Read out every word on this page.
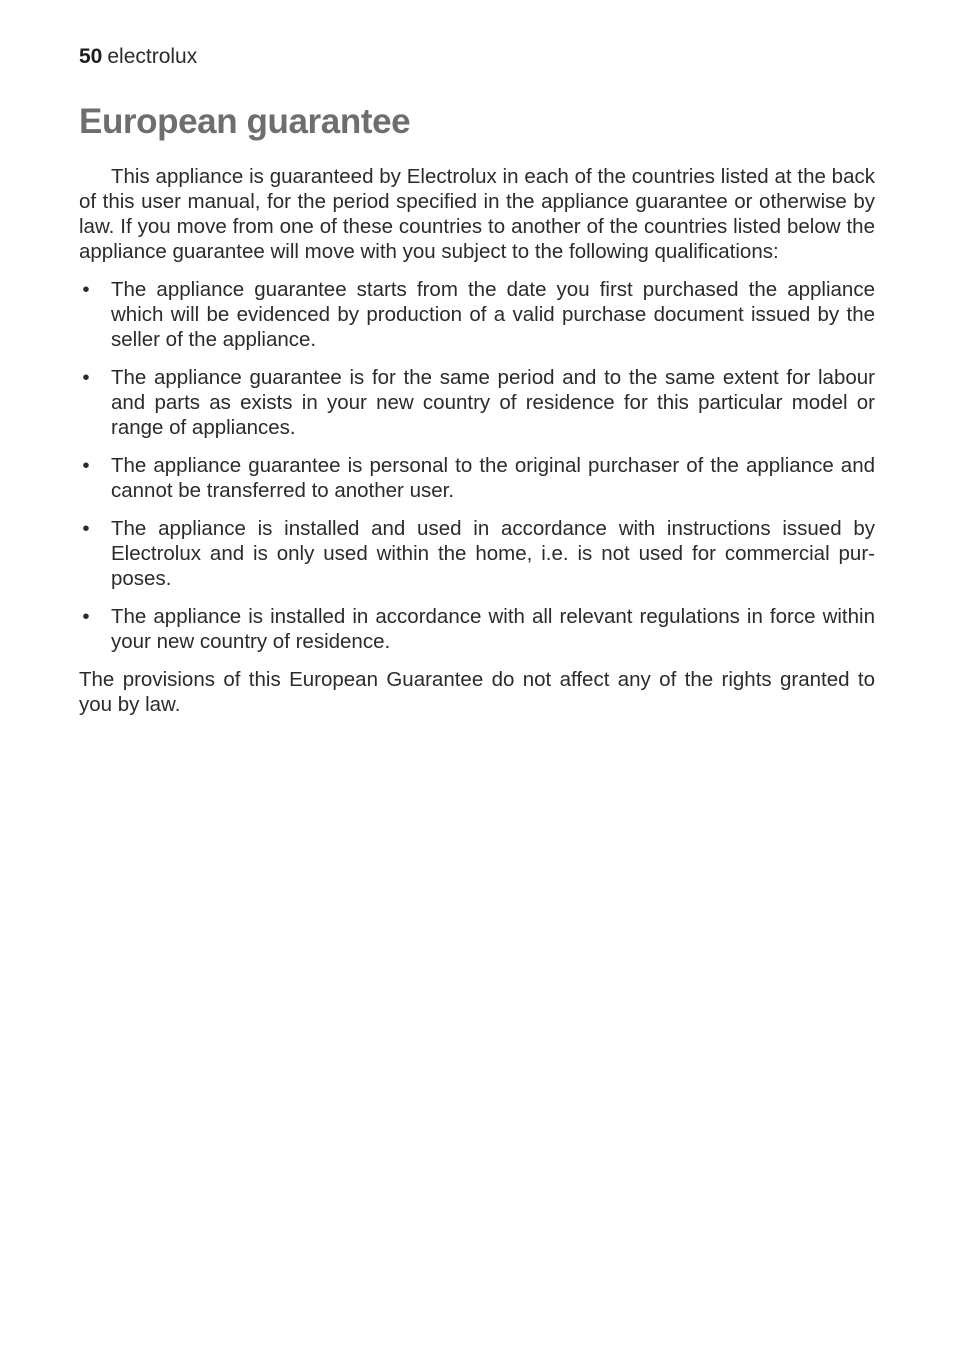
50 electrolux
European guarantee

This appliance is guaranteed by Electrolux in each of the countries listed at the back of this user manual, for the period specified in the appliance guarantee or otherwise by law. If you move from one of these countries to another of the countries listed below the appliance guarantee will move with you subject to the following qualifications:

• The appliance guarantee starts from the date you first purchased the appliance which will be evidenced by production of a valid purchase document issued by the seller of the appliance.
• The appliance guarantee is for the same period and to the same extent for labour and parts as exists in your new country of residence for this particular model or range of appliances.
• The appliance guarantee is personal to the original purchaser of the appliance and cannot be transferred to another user.
• The appliance is installed and used in accordance with instructions issued by Electrolux and is only used within the home, i.e. is not used for commercial purposes.
• The appliance is installed in accordance with all relevant regulations in force within your new country of residence.

The provisions of this European Guarantee do not affect any of the rights granted to you by law.
